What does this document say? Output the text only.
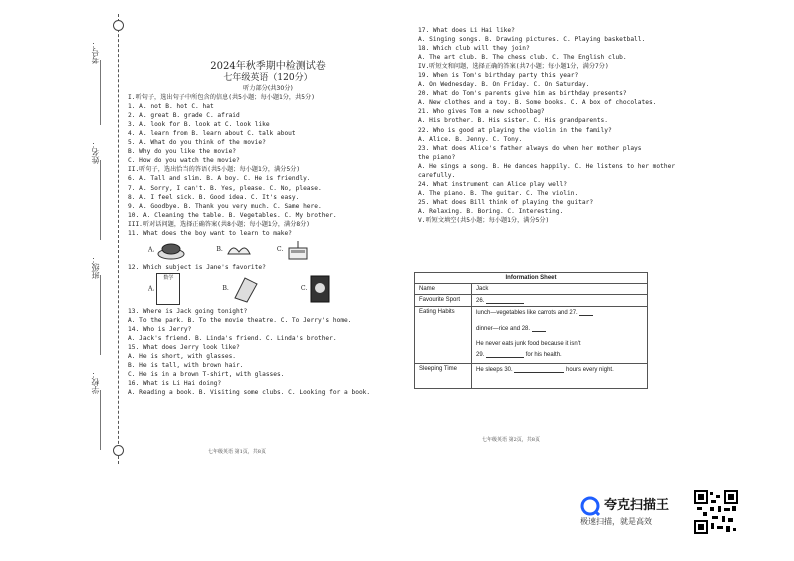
考号：
姓名：
班级：
学校：
2024年秋季期中检测试卷
七年级英语（120分）
听力部分(共30分)
I.听句子，选出句子中所包含的信息(共5小题；每小题1分，共5分)
1. A. not B. hot C. hat
2. A. great B. grade C. afraid
3. A. look for B. look at C. look like
4. A. learn from B. learn about C. talk about
5. A. What do you think of the movie?
B. Why do you like the movie?
C. How do you watch the movie?
II.听句子，选出恰当的答语(共5小题；每小题1分，满分5分)
6. A. Tall and slim. B. A boy. C. He is friendly.
7. A. Sorry, I can't. B. Yes, please. C. No, please.
8. A. I feel sick. B. Good idea. C. It's easy.
9. A. Goodbye. B. Thank you very much. C. Same here.
10. A. Cleaning the table. B. Vegetables. C. My brother.
III.听对话问题，选择正确答案(共8小题；每小题1分，满分8分)
11. What does the boy want to learn to make?
A.	B.	C.
12. Which subject is Jane's favorite?
A. 数学 B.	C.
13. Where is Jack going tonight?
A. To the park. B. To the movie theatre. C. To Jerry's home.
14. Who is Jerry?
A. Jack's friend. B. Linda's friend. C. Linda's brother.
15. What does Jerry look like?
A. He is short, with glasses.
B. He is tall, with brown hair.
C. He is in a brown T-shirt, with glasses.
16. What is Li Hai doing?
A. Reading a book. B. Visiting some clubs. C. Looking for a book.
七年级英语 第1页，共8页
17. What does Li Hai like?
A. Singing songs. B. Drawing pictures. C. Playing basketball.
18. Which club will they join?
A. The art club. B. The chess club. C. The English club.
IV.听短文和问题，选择正确的答案(共7小题；每小题1分，满分7分)
19. When is Tom's birthday party this year?
A. On Wednesday. B. On Friday. C. On Saturday.
20. What do Tom's parents give him as birthday presents?
A. New clothes and a toy. B. Some books. C. A box of chocolates.
21. Who gives Tom a new schoolbag?
A. His brother. B. His sister. C. His grandparents.
22. Who is good at playing the violin in the family?
A. Alice. B. Jenny. C. Tony.
23. What does Alice's father always do when her mother plays
the piano?
A. He sings a song. B. He dances happily. C. He listens to her mother
carefully.
24. What instrument can Alice play well?
A. The piano. B. The guitar. C. The violin.
25. What does Bill think of playing the guitar?
A. Relaxing. B. Boring. C. Interesting.
V.听短文填空(共5小题；每小题1分，满分5分)
Information Sheet	
Name	Jack
Favourite Sport	26.
Eating Habits	lunch—vegetables like carrots and 27.
dinner—rice and 28.
He never eats junk food because it isn't
29. for his health.

Sleeping Time	He sleeps 30. hours every night.
七年级英语 第2页，共8页
夸克扫描王
极速扫描，就是高效
